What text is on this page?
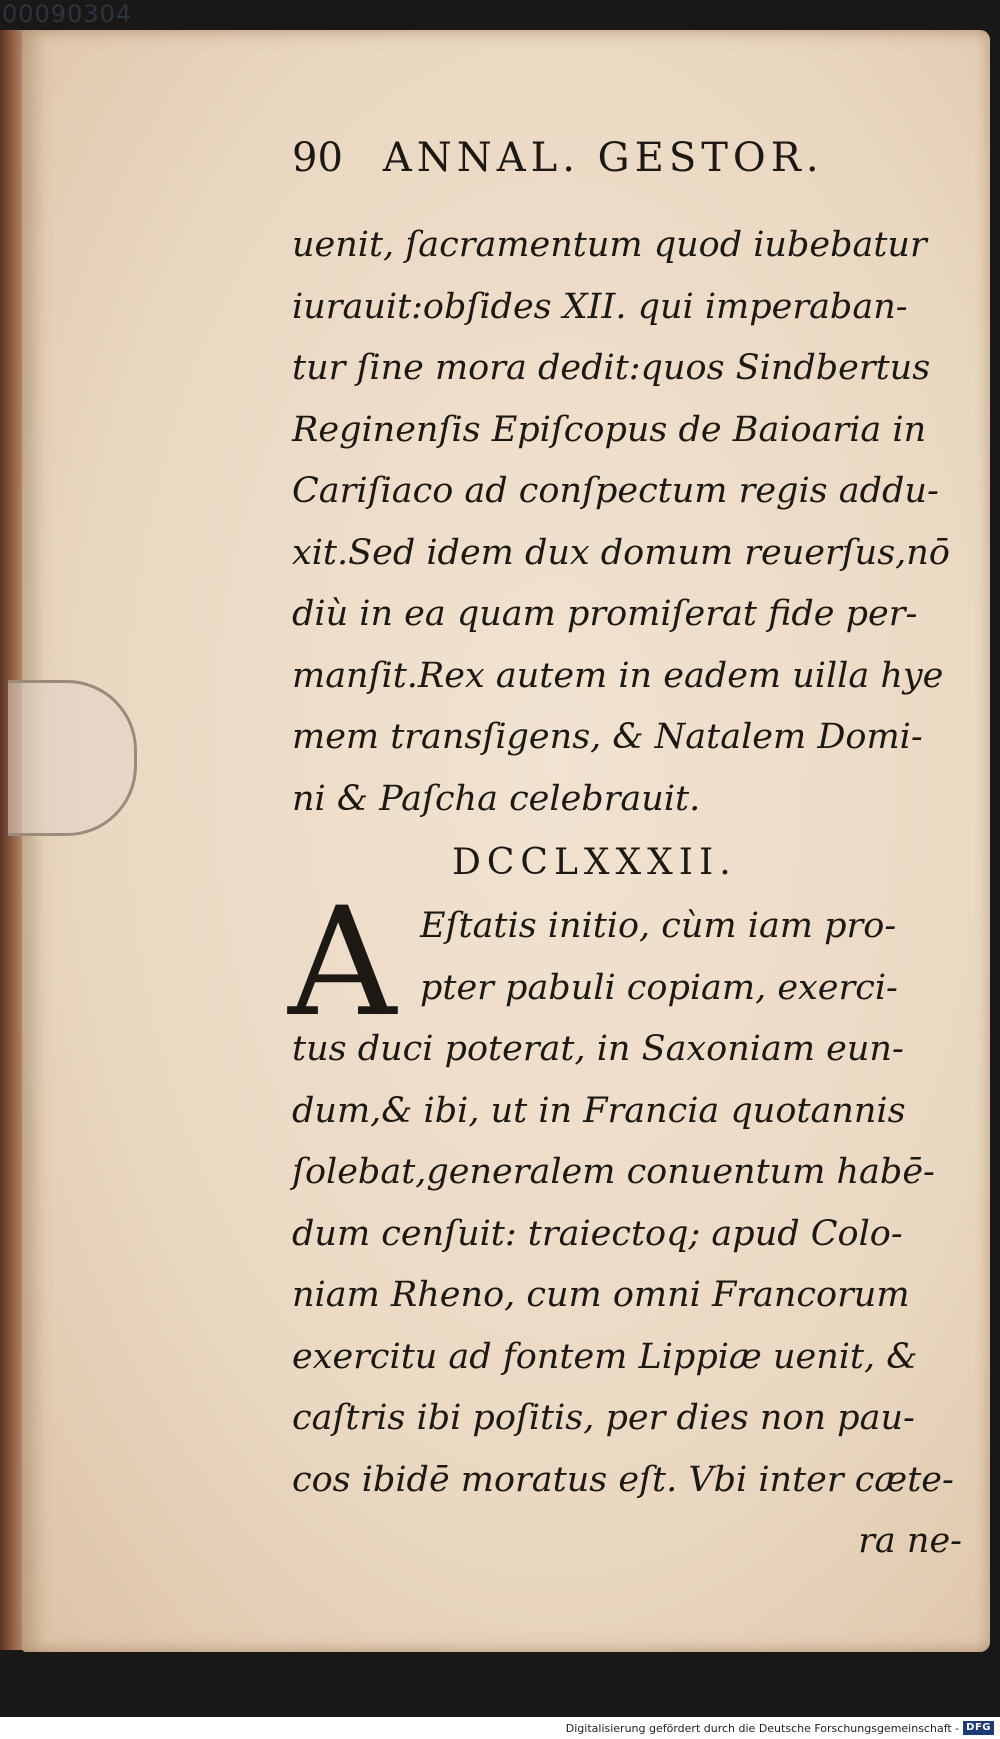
00090304
90 ANNAL. GESTOR.
uenit, ſacramentum quod iubebatur
iurauit:obſides XII. qui imperaban-
tur ſine mora dedit:quos Sindbertus
Reginenſis Epiſcopus de Baioaria in
Cariſiaco ad conſpectum regis addu-
xit.Sed idem dux domum reuerſus,nō
diù in ea quam promiſerat fide per-
manſit.Rex autem in eadem uilla hye
mem transſigens, & Natalem Domi-
ni & Paſcha celebrauit.
DCCLXXXII.
A Eſtatis initio, cùm iam pro-
pter pabuli copiam, exerci-
tus duci poterat, in Saxoniam eun-
dum,& ibi, ut in Francia quotannis
ſolebat,generalem conuentum habē-
dum cenſuit: traiectoq; apud Colo-
niam Rheno, cum omni Francorum
exercitu ad fontem Lippiæ uenit, &
caſtris ibi poſitis, per dies non pau-
cos ibidē moratus eſt. Vbi inter cæte-
ra ne-
Digitalisierung gefördert durch die Deutsche Forschungsgemeinschaft - DFG
